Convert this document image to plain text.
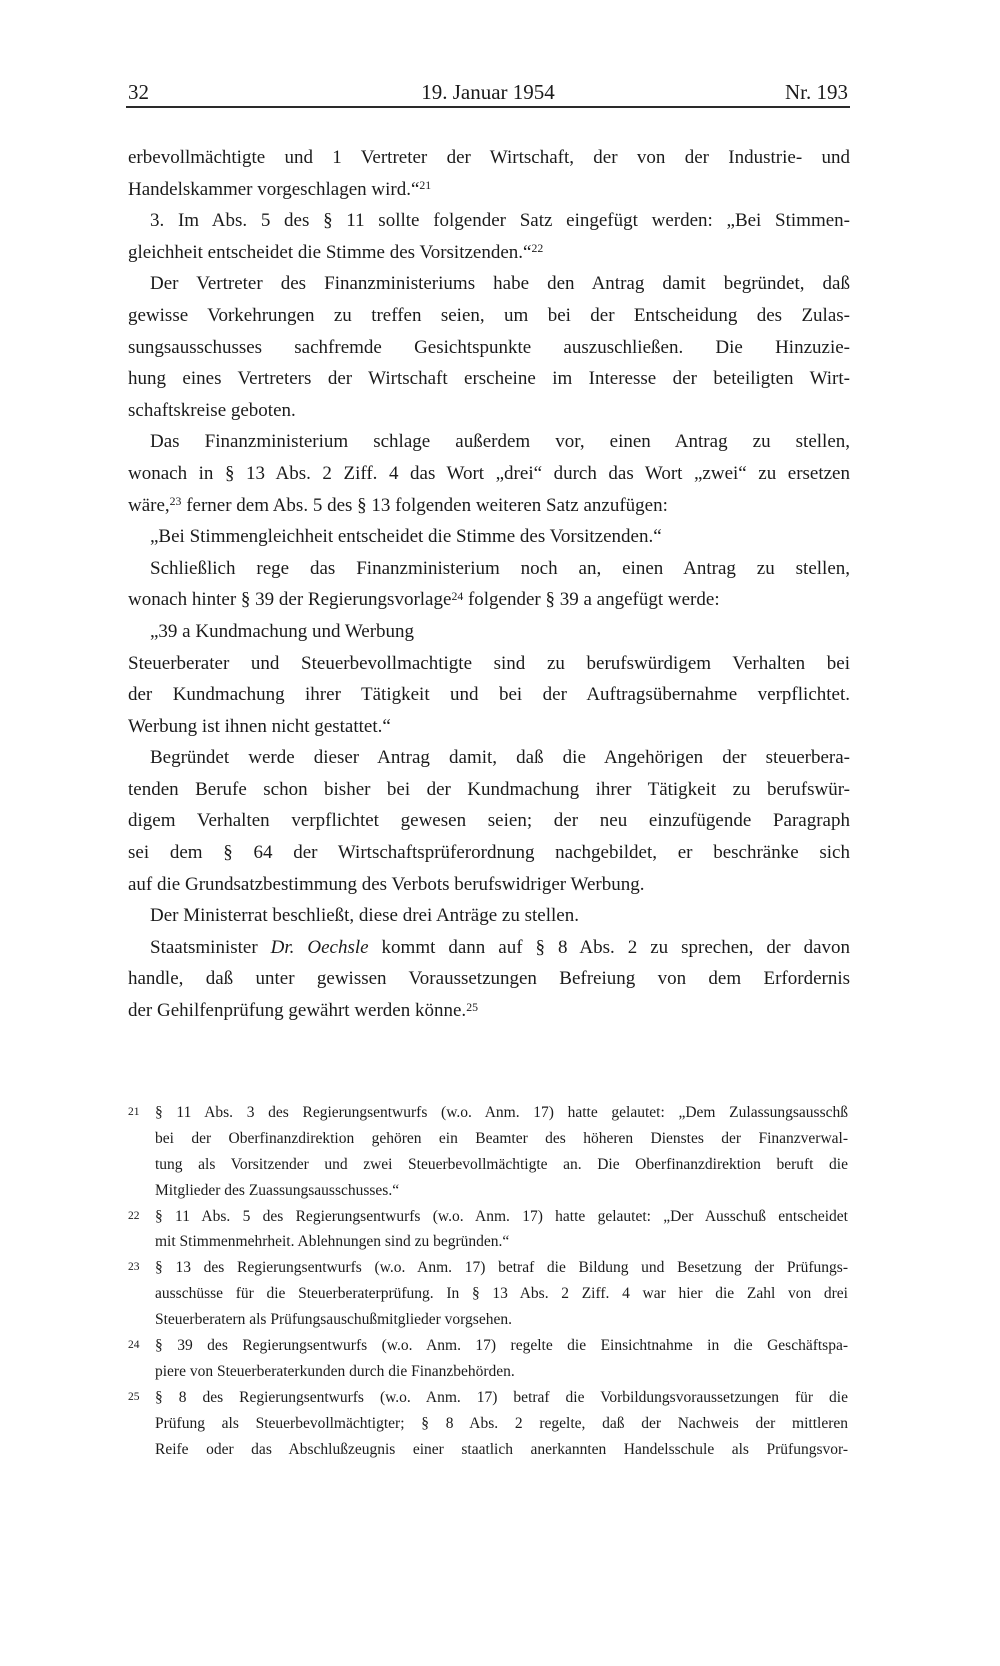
32	19. Januar 1954	Nr. 193
erbevollmächtigte und 1 Vertreter der Wirtschaft, der von der Industrie- und
Handelskammer vorgeschlagen wird.“$^{21}$
3. Im Abs. 5 des § 11 sollte folgender Satz eingefügt werden: „Bei Stimmen-
gleichheit entscheidet die Stimme des Vorsitzenden.“$^{22}$
Der Vertreter des Finanzministeriums habe den Antrag damit begründet, daß
gewisse Vorkehrungen zu treffen seien, um bei der Entscheidung des Zulas-
sungsausschusses sachfremde Gesichtspunkte auszuschließen. Die Hinzuzie-
hung eines Vertreters der Wirtschaft erscheine im Interesse der beteiligten Wirt-
schaftskreise geboten.
Das Finanzministerium schlage außerdem vor, einen Antrag zu stellen,
wonach in § 13 Abs. 2 Ziff. 4 das Wort „drei“ durch das Wort „zwei“ zu ersetzen
wäre,$^{23}$ ferner dem Abs. 5 des § 13 folgenden weiteren Satz anzufügen:
„Bei Stimmengleichheit entscheidet die Stimme des Vorsitzenden.“
Schließlich rege das Finanzministerium noch an, einen Antrag zu stellen,
wonach hinter § 39 der Regierungsvorlage$^{24}$ folgender § 39 a angefügt werde:
„39 a Kundmachung und Werbung
Steuerberater und Steuerbevollmachtigte sind zu berufswürdigem Verhalten bei
der Kundmachung ihrer Tätigkeit und bei der Auftragsübernahme verpflichtet.
Werbung ist ihnen nicht gestattet.“
Begründet werde dieser Antrag damit, daß die Angehörigen der steuerbera-
tenden Berufe schon bisher bei der Kundmachung ihrer Tätigkeit zu berufswür-
digem Verhalten verpflichtet gewesen seien; der neu einzufügende Paragraph
sei dem § 64 der Wirtschaftsprüferordnung nachgebildet, er beschränke sich
auf die Grundsatzbestimmung des Verbots berufswidriger Werbung.
Der Ministerrat beschließt, diese drei Anträge zu stellen.
Staatsminister Dr. Oechsle kommt dann auf § 8 Abs. 2 zu sprechen, der davon
handle, daß unter gewissen Voraussetzungen Befreiung von dem Erfordernis
der Gehilfenprüfung gewährt werden könne.$^{25}$
21 § 11 Abs. 3 des Regierungsentwurfs (w.o. Anm. 17) hatte gelautet: „Dem Zulassungsausschß
bei der Oberfinanzdirektion gehören ein Beamter des höheren Dienstes der Finanzverwal-
tung als Vorsitzender und zwei Steuerbevollmächtigte an. Die Oberfinanzdirektion beruft die
Mitglieder des Zuassungsausschusses.“
22 § 11 Abs. 5 des Regierungsentwurfs (w.o. Anm. 17) hatte gelautet: „Der Ausschuß entscheidet
mit Stimmenmehrheit. Ablehnungen sind zu begründen.“
23 § 13 des Regierungsentwurfs (w.o. Anm. 17) betraf die Bildung und Besetzung der Prüfungs-
ausschüsse für die Steuerberaterprüfung. In § 13 Abs. 2 Ziff. 4 war hier die Zahl von drei
Steuerberatern als Prüfungsauschußmitglieder vorgsehen.
24 § 39 des Regierungsentwurfs (w.o. Anm. 17) regelte die Einsichtnahme in die Geschäftspa-
piere von Steuerberaterkunden durch die Finanzbehörden.
25 § 8 des Regierungsentwurfs (w.o. Anm. 17) betraf die Vorbildungsvoraussetzungen für die
Prüfung als Steuerbevollmächtigter; § 8 Abs. 2 regelte, daß der Nachweis der mittleren
Reife oder das Abschlußzeugnis einer staatlich anerkannten Handelsschule als Prüfungsvor-
